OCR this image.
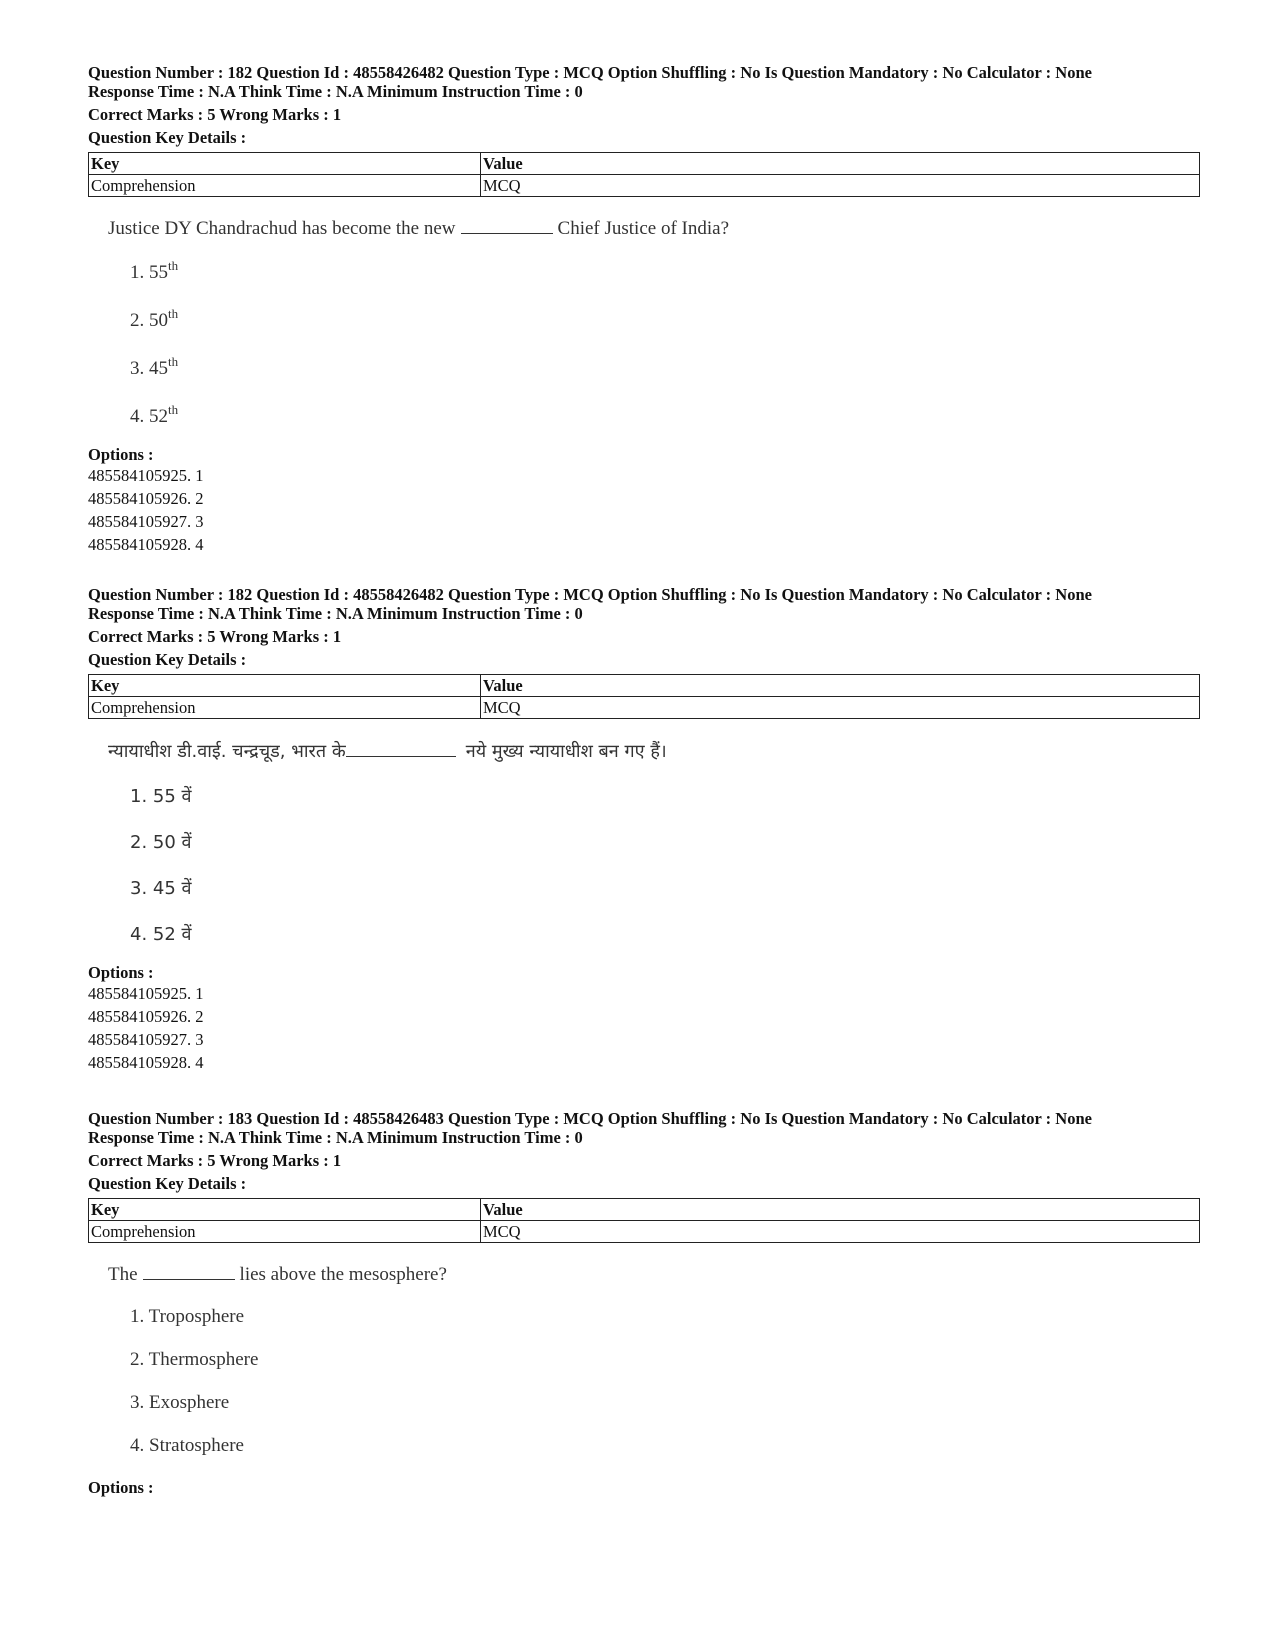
Question Number : 182 Question Id : 48558426482 Question Type : MCQ Option Shuffling : No Is Question Mandatory : No Calculator : None

Response Time : N.A Think Time : N.A Minimum Instruction Time : 0

Correct Marks : 5 Wrong Marks : 1

Question Key Details :

Key	Value
Comprehension	MCQ
Justice DY Chandrachud has become the new	Chief Justice of India?
1. 55th
2. 50th
3. 45th
4. 52th
Options :
485584105925. 1
485584105926. 2
485584105927. 3
485584105928. 4

Question Number : 182 Question Id : 48558426482 Question Type : MCQ Option Shuffling : No Is Question Mandatory : No Calculator : None

Response Time : N.A Think Time : N.A Minimum Instruction Time : 0

Correct Marks : 5 Wrong Marks : 1

Question Key Details :

Key	Value
Comprehension	MCQ
न्यायाधीश डी.वाई. चन्द्रचूड, भारत के	नये मुख्य न्यायाधीश बन गए हैं।
1. 55 वें
2. 50 वें
3. 45 वें
4. 52 वें
Options :
485584105925. 1
485584105926. 2
485584105927. 3
485584105928. 4

Question Number : 183 Question Id : 48558426483 Question Type : MCQ Option Shuffling : No Is Question Mandatory : No Calculator : None

Response Time : N.A Think Time : N.A Minimum Instruction Time : 0

Correct Marks : 5 Wrong Marks : 1

Question Key Details :

Key	Value
Comprehension	MCQ
The	lies above the mesosphere?
1. Troposphere
2. Thermosphere
3. Exosphere
4. Stratosphere
Options :
